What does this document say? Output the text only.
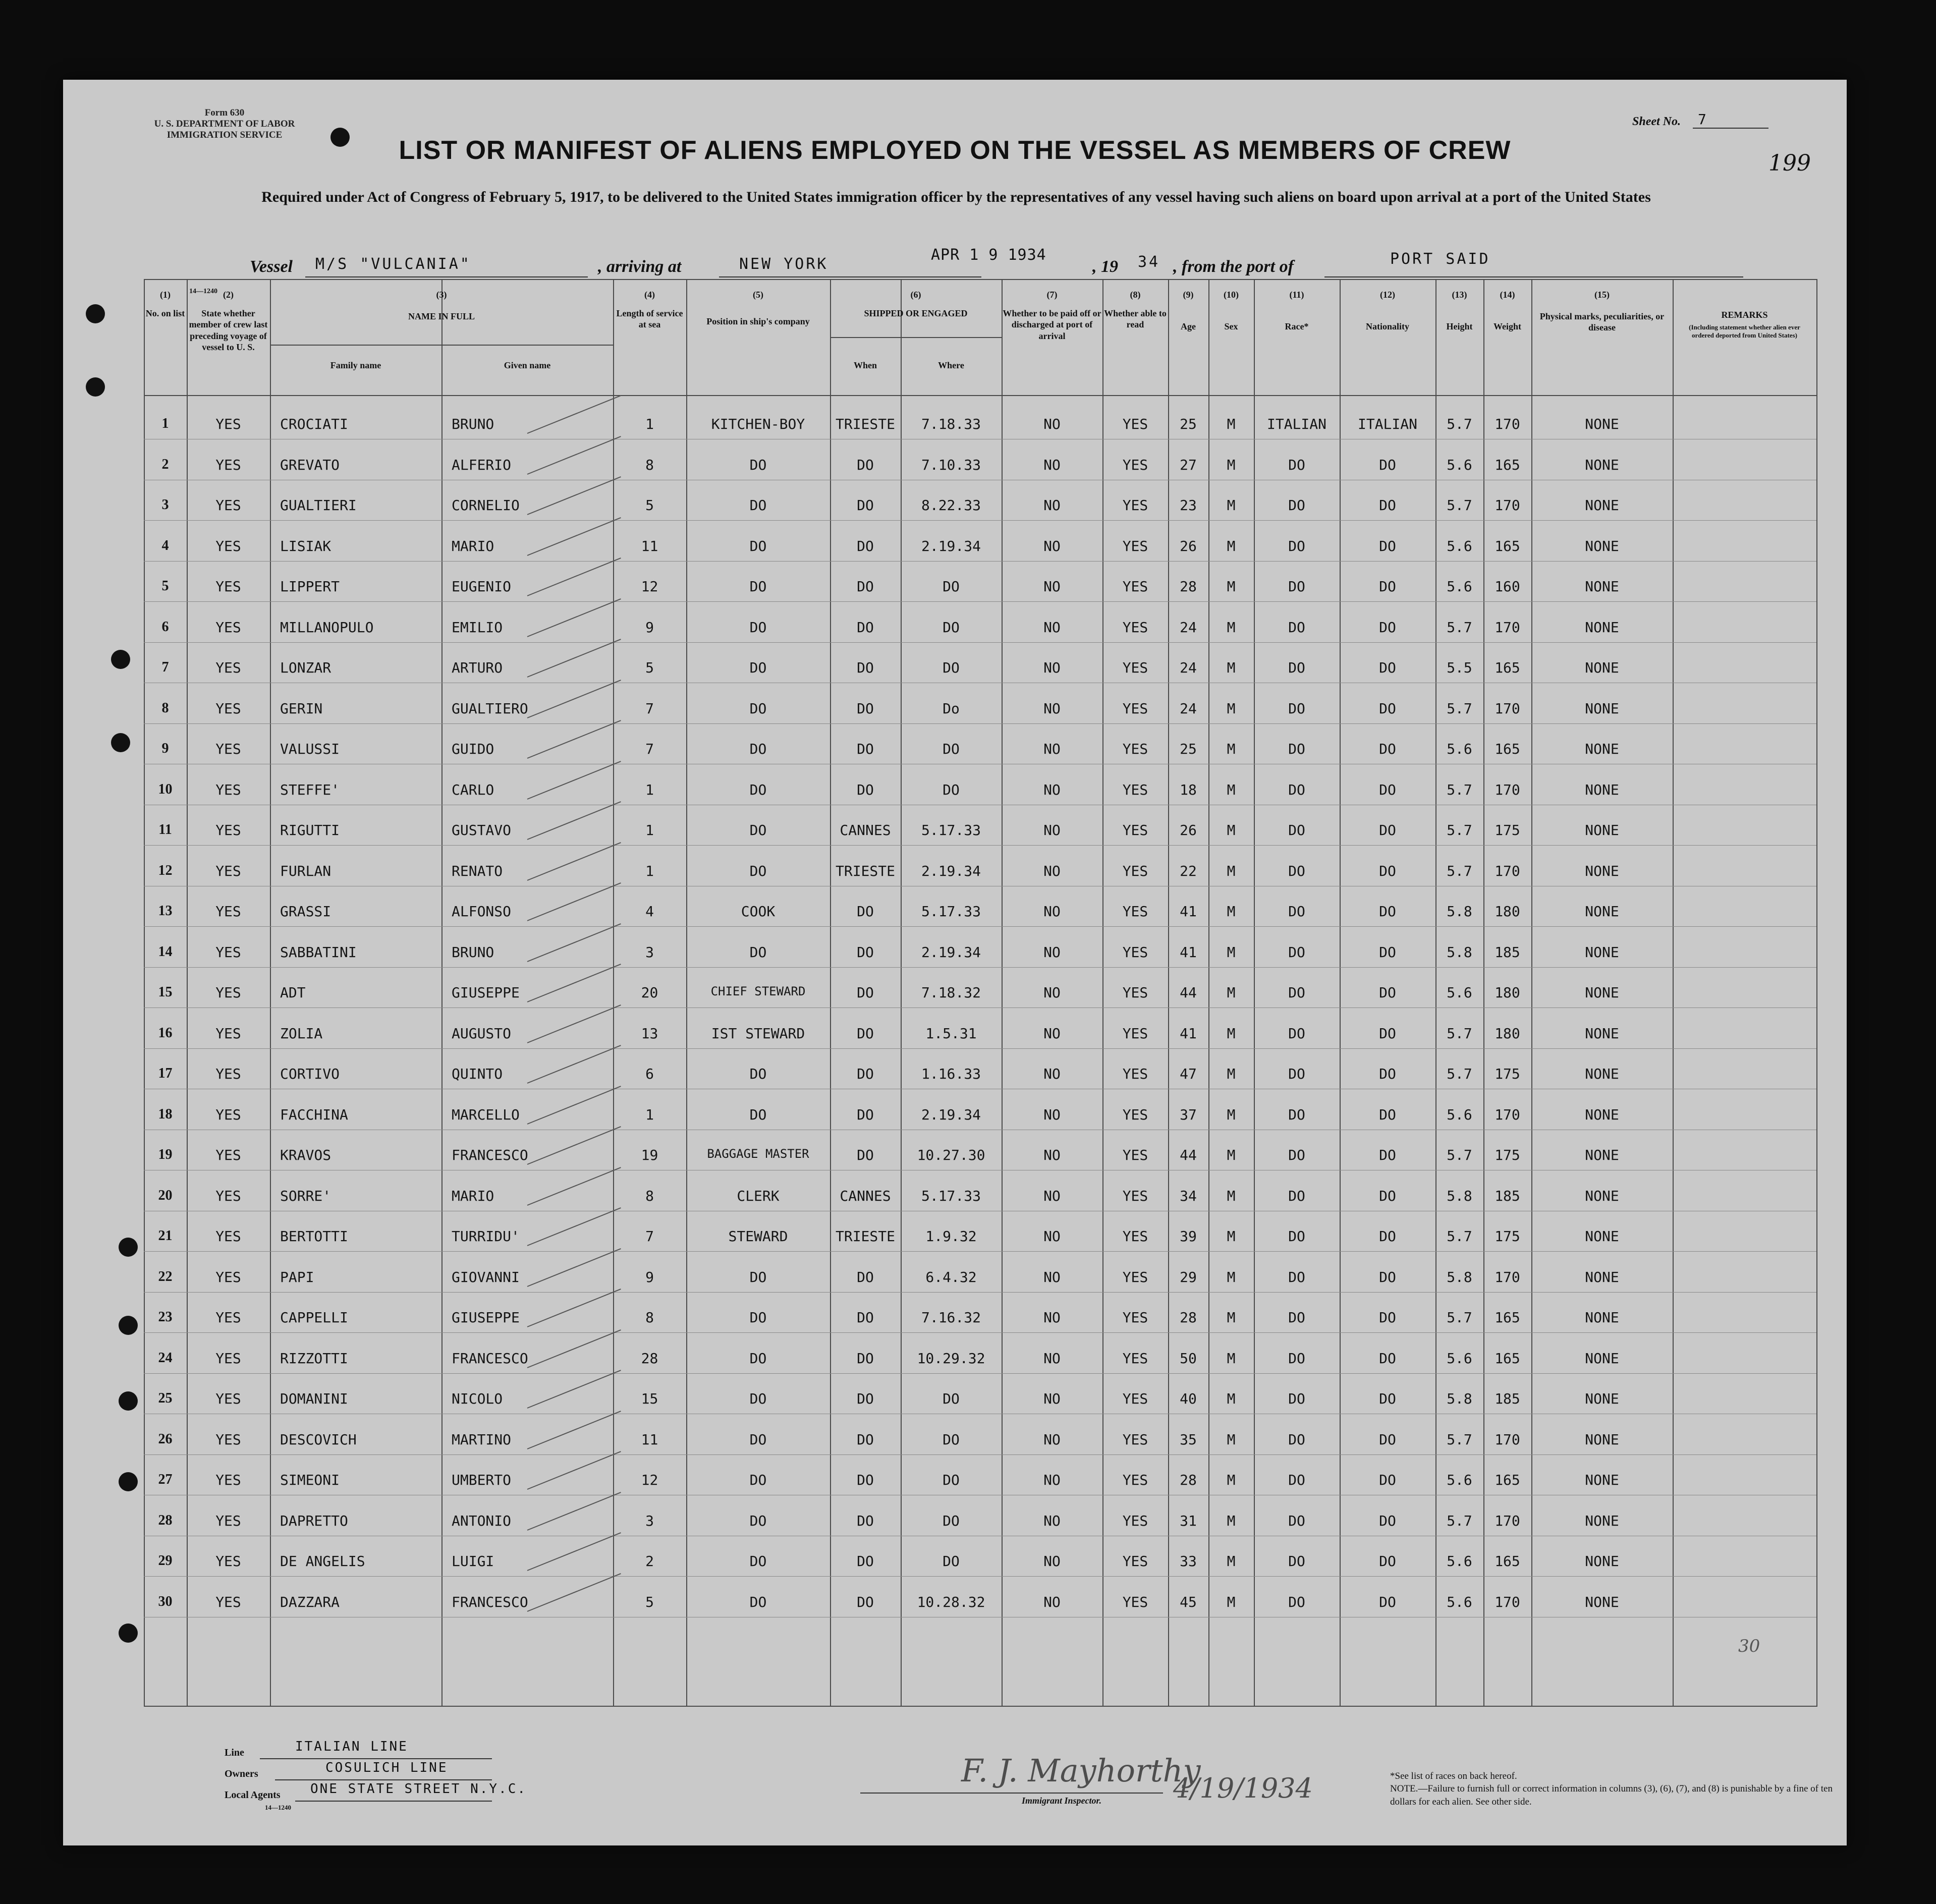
Form 630
U. S. DEPARTMENT OF LABOR
IMMIGRATION SERVICE
Sheet No. 7
199
LIST OR MANIFEST OF ALIENS EMPLOYED ON THE VESSEL AS MEMBERS OF CREW
Required under Act of Congress of February 5, 1917, to be delivered to the United States immigration officer by the representatives of any vessel having such aliens on board upon arrival at a port of the United States
Vessel M/S "VULCANIA"	, arriving at	NEW YORK
APR 1 9 1934
, 19 34 , from the port of	PORT SAID
14—1240
(1)
No. on list
(2)
State whether member of crew last preceding voyage of vessel to U. S.
(3)
NAME IN FULL
Family name	Given name
(4)
Length of service at sea
(5)
Position in ship's company
(6)
SHIPPED OR ENGAGED
When	Where
(7)
Whether to be paid off or discharged at port of arrival
(8)
Whether able to read
(9)
Age
(10)
Sex
(11)
Race*
(12)
Nationality
(13)
Height
(14)
Weight
(15)
Physical marks, peculiarities, or disease
REMARKS
(Including statement whether alien ever ordered deported from United States)
1	YES	CROCIATI	BRUNO	1	KITCHEN-BOY	TRIESTE	7.18.33	NO	YES	25	M	ITALIAN	ITALIAN	5.7	170	NONE
2	YES	GREVATO	ALFERIO	8	DO	DO	7.10.33	NO	YES	27	M	DO	DO	5.6	165	NONE
3	YES	GUALTIERI	CORNELIO	5	DO	DO	8.22.33	NO	YES	23	M	DO	DO	5.7	170	NONE
4	YES	LISIAK	MARIO	11	DO	DO	2.19.34	NO	YES	26	M	DO	DO	5.6	165	NONE
5	YES	LIPPERT	EUGENIO	12	DO	DO	DO	NO	YES	28	M	DO	DO	5.6	160	NONE
6	YES	MILLANOPULO	EMILIO	9	DO	DO	DO	NO	YES	24	M	DO	DO	5.7	170	NONE
7	YES	LONZAR	ARTURO	5	DO	DO	DO	NO	YES	24	M	DO	DO	5.5	165	NONE
8	YES	GERIN	GUALTIERO	7	DO	DO	Do	NO	YES	24	M	DO	DO	5.7	170	NONE
9	YES	VALUSSI	GUIDO	7	DO	DO	DO	NO	YES	25	M	DO	DO	5.6	165	NONE
10	YES	STEFFE'	CARLO	1	DO	DO	DO	NO	YES	18	M	DO	DO	5.7	170	NONE
11	YES	RIGUTTI	GUSTAVO	1	DO	CANNES	5.17.33	NO	YES	26	M	DO	DO	5.7	175	NONE
12	YES	FURLAN	RENATO	1	DO	TRIESTE	2.19.34	NO	YES	22	M	DO	DO	5.7	170	NONE
13	YES	GRASSI	ALFONSO	4	COOK	DO	5.17.33	NO	YES	41	M	DO	DO	5.8	180	NONE
14	YES	SABBATINI	BRUNO	3	DO	DO	2.19.34	NO	YES	41	M	DO	DO	5.8	185	NONE
15	YES	ADT	GIUSEPPE	20	CHIEF STEWARD	DO	7.18.32	NO	YES	44	M	DO	DO	5.6	180	NONE
16	YES	ZOLIA	AUGUSTO	13	IST STEWARD	DO	1.5.31	NO	YES	41	M	DO	DO	5.7	180	NONE
17	YES	CORTIVO	QUINTO	6	DO	DO	1.16.33	NO	YES	47	M	DO	DO	5.7	175	NONE
18	YES	FACCHINA	MARCELLO	1	DO	DO	2.19.34	NO	YES	37	M	DO	DO	5.6	170	NONE
19	YES	KRAVOS	FRANCESCO	19	BAGGAGE MASTER	DO	10.27.30	NO	YES	44	M	DO	DO	5.7	175	NONE
20	YES	SORRE'	MARIO	8	CLERK	CANNES	5.17.33	NO	YES	34	M	DO	DO	5.8	185	NONE
21	YES	BERTOTTI	TURRIDU'	7	STEWARD	TRIESTE	1.9.32	NO	YES	39	M	DO	DO	5.7	175	NONE
22	YES	PAPI	GIOVANNI	9	DO	DO	6.4.32	NO	YES	29	M	DO	DO	5.8	170	NONE
23	YES	CAPPELLI	GIUSEPPE	8	DO	DO	7.16.32	NO	YES	28	M	DO	DO	5.7	165	NONE
24	YES	RIZZOTTI	FRANCESCO	28	DO	DO	10.29.32	NO	YES	50	M	DO	DO	5.6	165	NONE
25	YES	DOMANINI	NICOLO	15	DO	DO	DO	NO	YES	40	M	DO	DO	5.8	185	NONE
26	YES	DESCOVICH	MARTINO	11	DO	DO	DO	NO	YES	35	M	DO	DO	5.7	170	NONE
27	YES	SIMEONI	UMBERTO	12	DO	DO	DO	NO	YES	28	M	DO	DO	5.6	165	NONE
28	YES	DAPRETTO	ANTONIO	3	DO	DO	DO	NO	YES	31	M	DO	DO	5.7	170	NONE
29	YES	DE ANGELIS	LUIGI	2	DO	DO	DO	NO	YES	33	M	DO	DO	5.6	165	NONE
30	YES	DAZZARA	FRANCESCO	5	DO	DO	10.28.32	NO	YES	45	M	DO	DO	5.6	170	NONE
Line	ITALIAN LINE
Owners	COSULICH LINE
Local Agents ONE STATE STREET N.Y.C.
14—1240
F. J. Mayhorthy
Immigrant Inspector.	4/19/1934	*See list of races on back hereof.
NOTE.—Failure to furnish full or correct information in columns (3), (6), (7), and (8) is punishable by a fine of ten dollars for each alien. See other side.
30
